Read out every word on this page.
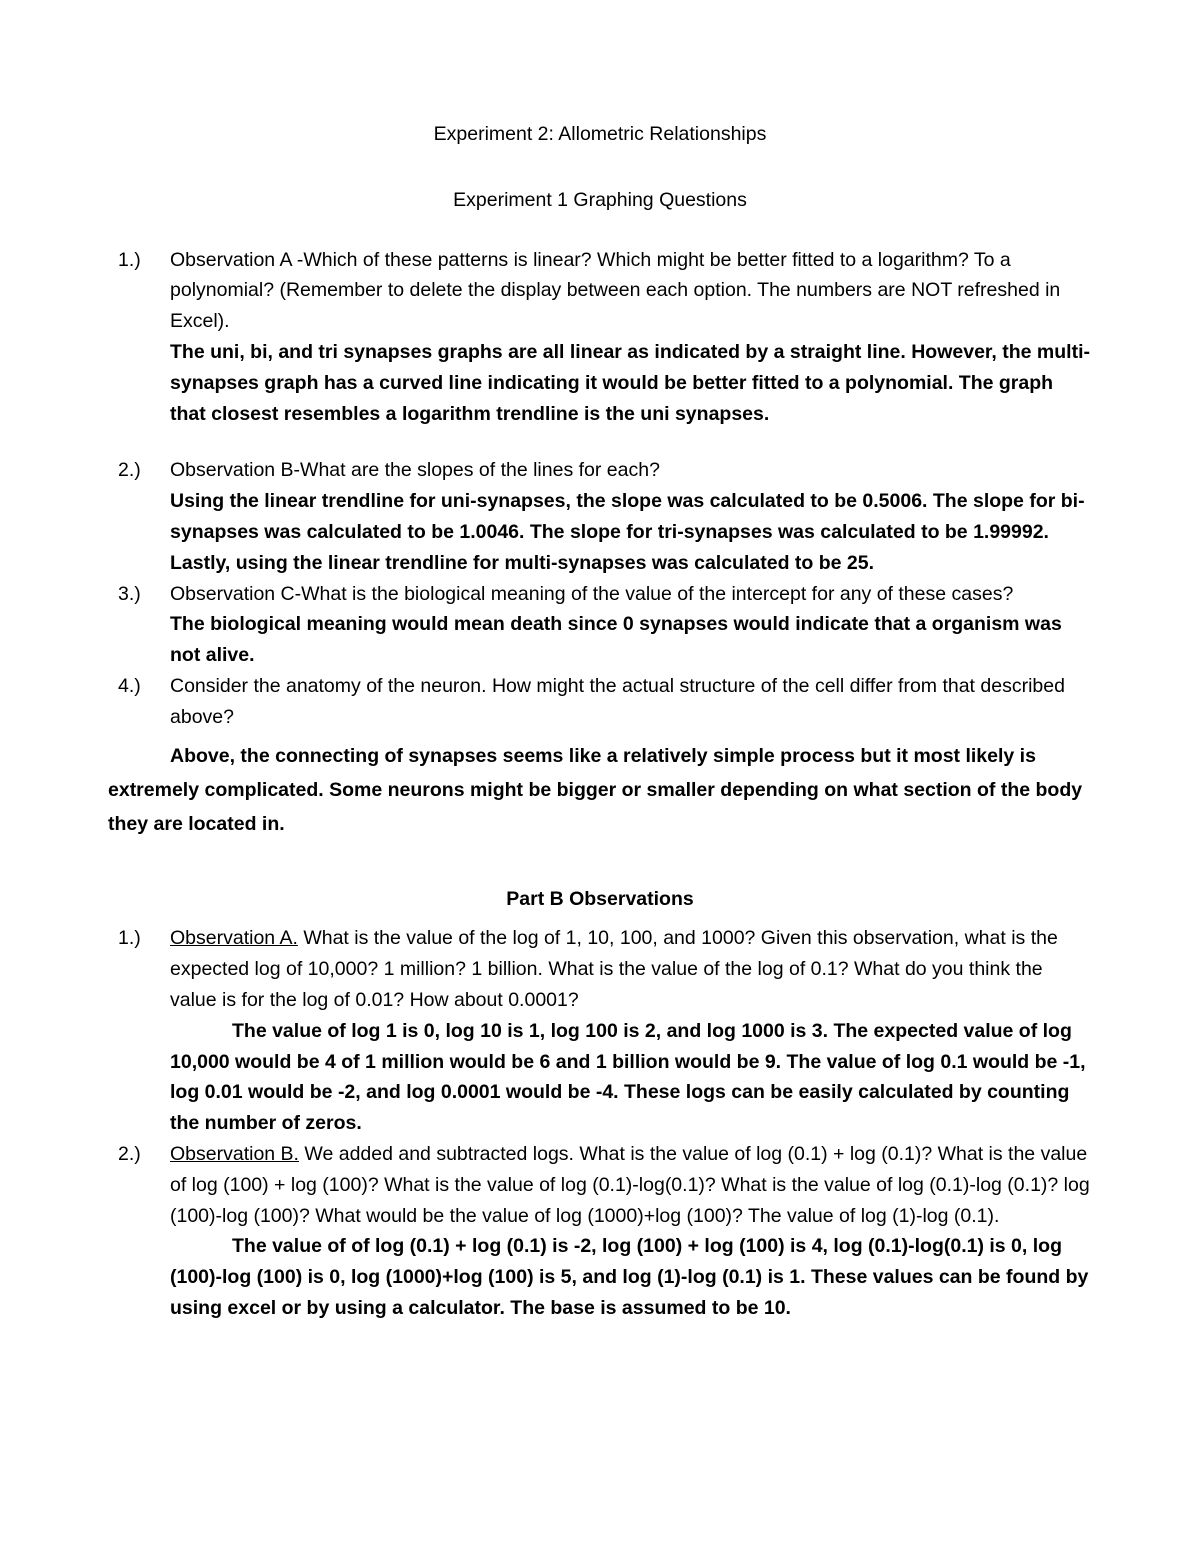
Experiment 2: Allometric Relationships
Experiment 1 Graphing Questions
1.)	Observation A -Which of these patterns is linear? Which might be better fitted to a logarithm? To a polynomial? (Remember to delete the display between each option. The numbers are NOT refreshed in Excel).
The uni, bi, and tri synapses graphs are all linear as indicated by a straight line. However, the multi-synapses graph has a curved line indicating it would be better fitted to a polynomial. The graph that closest resembles a logarithm trendline is the uni synapses.
2.)	Observation B-What are the slopes of the lines for each?
Using the linear trendline for uni-synapses, the slope was calculated to be 0.5006. The slope for bi-synapses was calculated to be 1.0046. The slope for tri-synapses was calculated to be 1.99992. Lastly, using the linear trendline for multi-synapses was calculated to be 25.
3.)	Observation C-What is the biological meaning of the value of the intercept for any of these cases?
The biological meaning would mean death since 0 synapses would indicate that a organism was not alive.
4.)	Consider the anatomy of the neuron. How might the actual structure of the cell differ from that described above?
Above, the connecting of synapses seems like a relatively simple process but it most likely is extremely complicated. Some neurons might be bigger or smaller depending on what section of the body they are located in.
Part B Observations
1.)	Observation A. What is the value of the log of 1, 10, 100, and 1000? Given this observation, what is the expected log of 10,000? 1 million? 1 billion. What is the value of the log of 0.1? What do you think the value is for the log of 0.01? How about 0.0001?
The value of log 1 is 0, log 10 is 1, log 100 is 2, and log 1000 is 3. The expected value of log 10,000 would be 4 of 1 million would be 6 and 1 billion would be 9. The value of log 0.1 would be -1, log 0.01 would be -2, and log 0.0001 would be -4. These logs can be easily calculated by counting the number of zeros.
2.)	Observation B. We added and subtracted logs. What is the value of log (0.1) + log (0.1)? What is the value of log (100) + log (100)? What is the value of log (0.1)-log(0.1)? What is the value of log (0.1)-log (0.1)? log (100)-log (100)? What would be the value of log (1000)+log (100)? The value of log (1)-log (0.1).
The value of of log (0.1) + log (0.1) is -2, log (100) + log (100) is 4, log (0.1)-log(0.1) is 0, log (100)-log (100) is 0, log (1000)+log (100) is 5, and log (1)-log (0.1) is 1. These values can be found by using excel or by using a calculator. The base is assumed to be 10.
